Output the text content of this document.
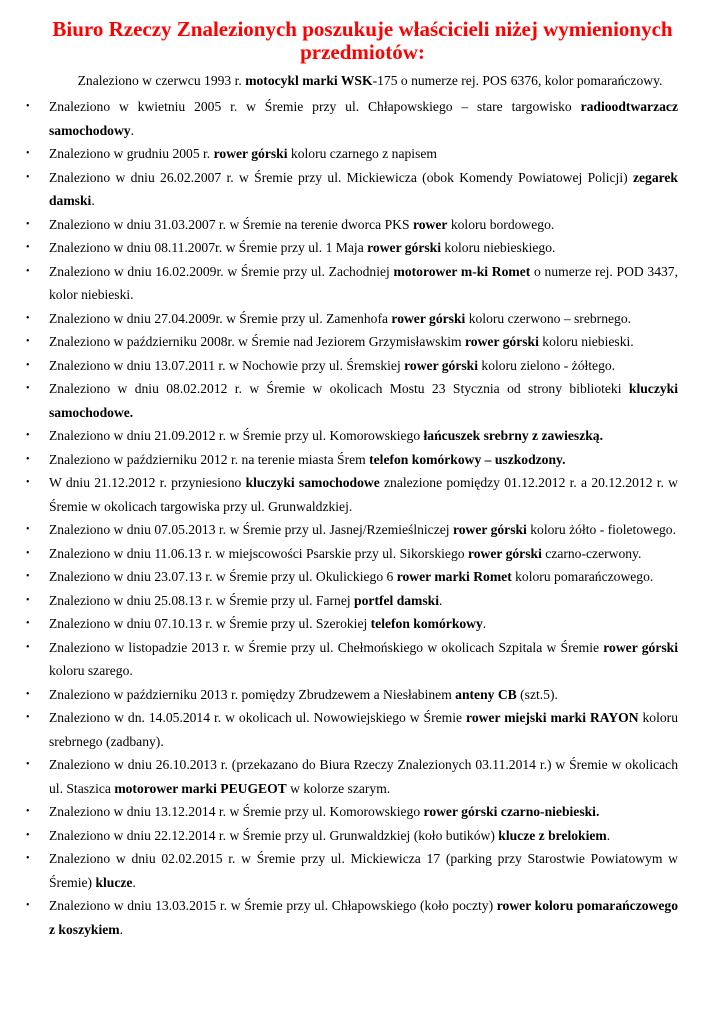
Biuro Rzeczy Znalezionych poszukuje właścicieli niżej wymienionych przedmiotów:
Znaleziono w czerwcu 1993 r. motocykl marki WSK-175 o numerze rej. POS 6376, kolor pomarańczowy.
• Znaleziono w kwietniu 2005 r. w Śremie przy ul. Chłapowskiego – stare targowisko radioodtwarzacz samochodowy.
• Znaleziono w grudniu 2005 r. rower górski koloru czarnego z napisem
• Znaleziono w dniu 26.02.2007 r. w Śremie przy ul. Mickiewicza (obok Komendy Powiatowej Policji) zegarek damski.
• Znaleziono w dniu 31.03.2007 r. w Śremie na terenie dworca PKS rower koloru bordowego.
• Znaleziono w dniu 08.11.2007r. w Śremie przy ul. 1 Maja rower górski koloru niebieskiego.
• Znaleziono w dniu 16.02.2009r. w Śremie przy ul. Zachodniej motorower m-ki Romet o numerze rej. POD 3437, kolor niebieski.
• Znaleziono w dniu 27.04.2009r. w Śremie przy ul. Zamenhofa rower górski koloru czerwono – srebrnego.
• Znaleziono w październiku 2008r. w Śremie nad Jeziorem Grzymisławskim rower górski koloru niebieski.
• Znaleziono w dniu 13.07.2011 r. w Nochowie przy ul. Śremskiej rower górski koloru zielono - żółtego.
• Znaleziono w dniu 08.02.2012 r. w Śremie w okolicach Mostu 23 Stycznia od strony biblioteki kluczyki samochodowe.
• Znaleziono w dniu 21.09.2012 r. w Śremie przy ul. Komorowskiego łańcuszek srebrny z zawieszką.
• Znaleziono w październiku 2012 r. na terenie miasta Śrem telefon komórkowy – uszkodzony.
• W dniu 21.12.2012 r. przyniesiono kluczyki samochodowe znalezione pomiędzy 01.12.2012 r. a 20.12.2012 r. w Śremie w okolicach targowiska przy ul. Grunwaldzkiej.
• Znaleziono w dniu 07.05.2013 r. w Śremie przy ul. Jasnej/Rzemieślniczej rower górski koloru żółto - fioletowego.
• Znaleziono w dniu 11.06.13 r. w miejscowości Psarskie przy ul. Sikorskiego rower górski czarno-czerwony.
• Znaleziono w dniu 23.07.13 r. w Śremie przy ul. Okulickiego 6 rower marki Romet koloru pomarańczowego.
• Znaleziono w dniu 25.08.13 r. w Śremie przy ul. Farnej portfel damski.
• Znaleziono w dniu 07.10.13 r. w Śremie przy ul. Szerokiej telefon komórkowy.
• Znaleziono w listopadzie 2013 r. w Śremie przy ul. Chełmońskiego w okolicach Szpitala w Śremie rower górski koloru szarego.
• Znaleziono w październiku 2013 r. pomiędzy Zbrudzewem a Niesłabinem anteny CB (szt.5).
• Znaleziono w dn. 14.05.2014 r. w okolicach ul. Nowowiejskiego w Śremie rower miejski marki RAYON koloru srebrnego (zadbany).
• Znaleziono w dniu 26.10.2013 r. (przekazano do Biura Rzeczy Znalezionych 03.11.2014 r.) w Śremie w okolicach ul. Staszica motorower marki PEUGEOT w kolorze szarym.
• Znaleziono w dniu 13.12.2014 r. w Śremie przy ul. Komorowskiego rower górski czarno-niebieski.
• Znaleziono w dniu 22.12.2014 r. w Śremie przy ul. Grunwaldzkiej (koło butików) klucze z brelokiem.
• Znaleziono w dniu 02.02.2015 r. w Śremie przy ul. Mickiewicza 17 (parking przy Starostwie Powiatowym w Śremie) klucze.
• Znaleziono w dniu 13.03.2015 r. w Śremie przy ul. Chłapowskiego (koło poczty) rower koloru pomarańczowego z koszykiem.
